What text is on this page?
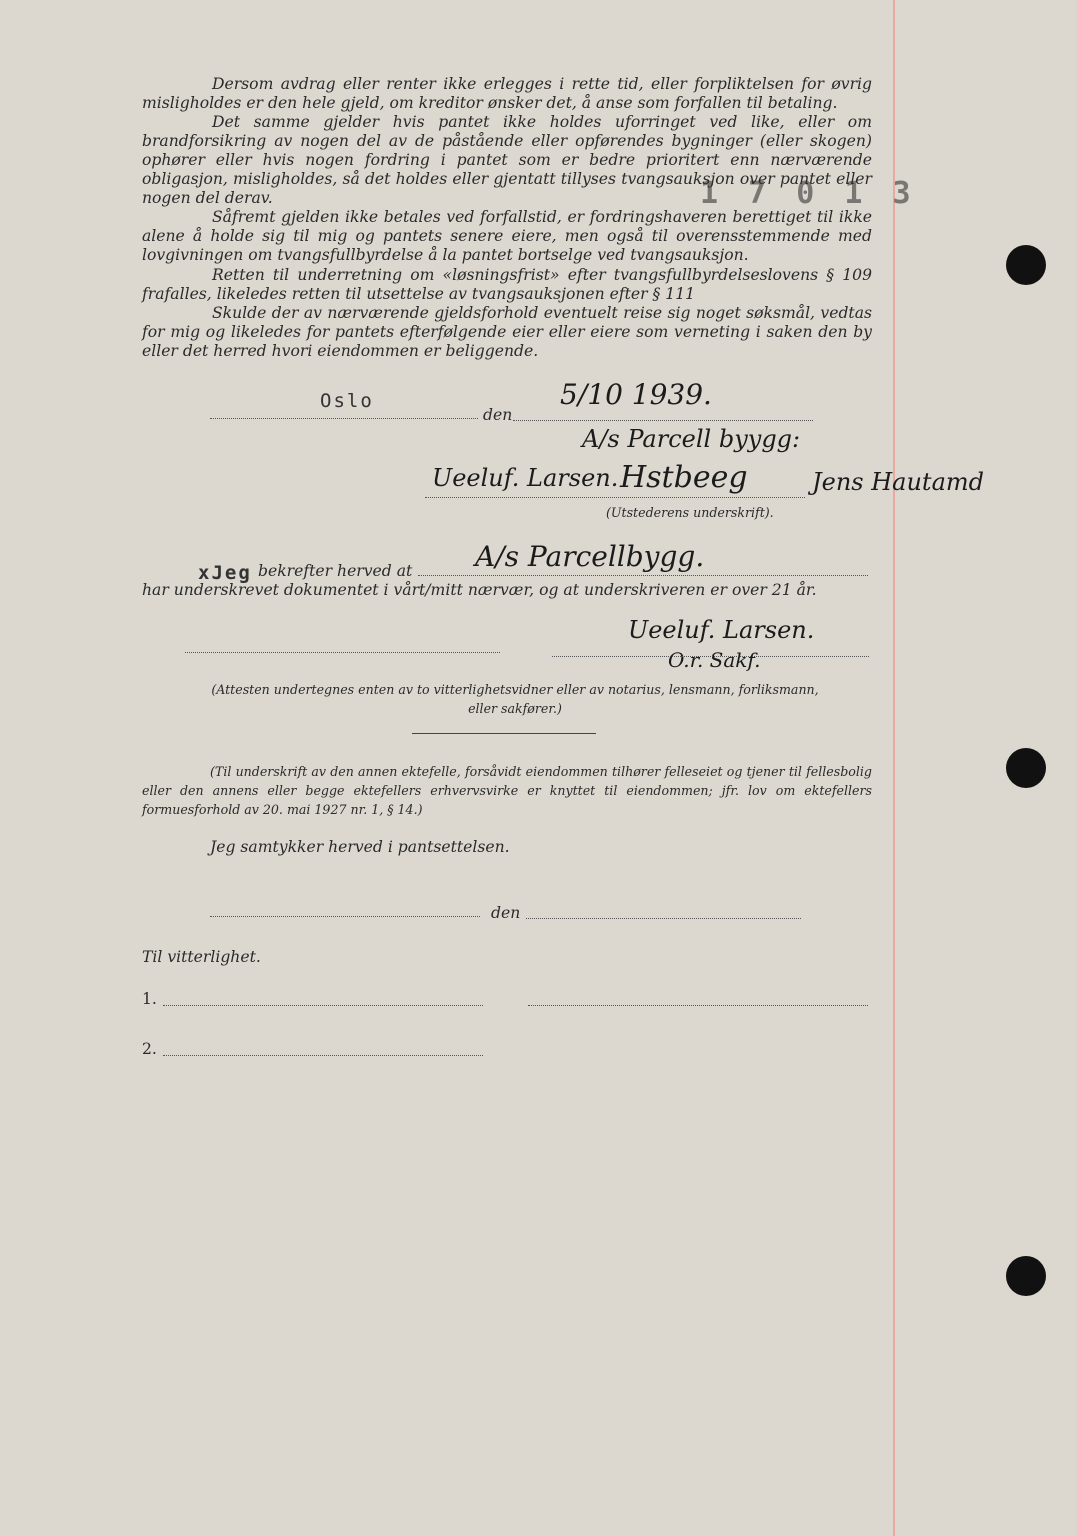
Dersom avdrag eller renter ikke erlegges i rette tid, eller forpliktelsen for øvrig misligholdes er den hele gjeld, om kreditor ønsker det, å anse som forfallen til betaling.

Det samme gjelder hvis pantet ikke holdes uforringet ved like, eller om brandforsikring av nogen del av de påstående eller opførendes bygninger (eller skogen) ophører eller hvis nogen fordring i pantet som er bedre prioritert enn nærværende obligasjon, misligholdes, så det holdes eller gjentatt tillyses tvangsauksjon over pantet eller nogen del derav.

Såfremt gjelden ikke betales ved forfallstid, er fordringshaveren berettiget til ikke alene å holde sig til mig og pantets senere eiere, men også til overensstemmende med lovgivningen om tvangsfullbyrdelse å la pantet bortselge ved tvangsauksjon.

Retten til underretning om «løsningsfrist» efter tvangsfullbyrdelseslovens § 109 frafalles, likeledes retten til utsettelse av tvangsauksjonen efter § 111

Skulde der av nærværende gjeldsforhold eventuelt reise sig noget søksmål, vedtas for mig og likeledes for pantets efterfølgende eier eller eiere som verneting i saken den by eller det herred hvori eiendommen er beliggende.

1 7 0 1 3
Oslo
den
5/10 1939.
A/s Parcell byygg:
Ueeluf. Larsen. Hstbeeg	Jens Hautamd
(Utstederens underskrift).
xJeg bekrefter herved at A/s Parcellbygg.
har underskrevet dokumentet i vårt/mitt nærvær, og at underskriveren er over 21 år.
Ueeluf. Larsen.
O.r. Sakf.
(Attesten undertegnes enten av to vitterlighetsvidner eller av notarius, lensmann, forliksmann, eller sakfører.)
(Til underskrift av den annen ektefelle, forsåvidt eiendommen tilhører felleseiet og tjener til fellesbolig eller den annens eller begge ektefellers erhvervsvirke er knyttet til eiendommen; jfr. lov om ektefellers formuesforhold av 20. mai 1927 nr. 1, § 14.)
Jeg samtykker herved i pantsettelsen.
den
Til vitterlighet.
1.
2.
